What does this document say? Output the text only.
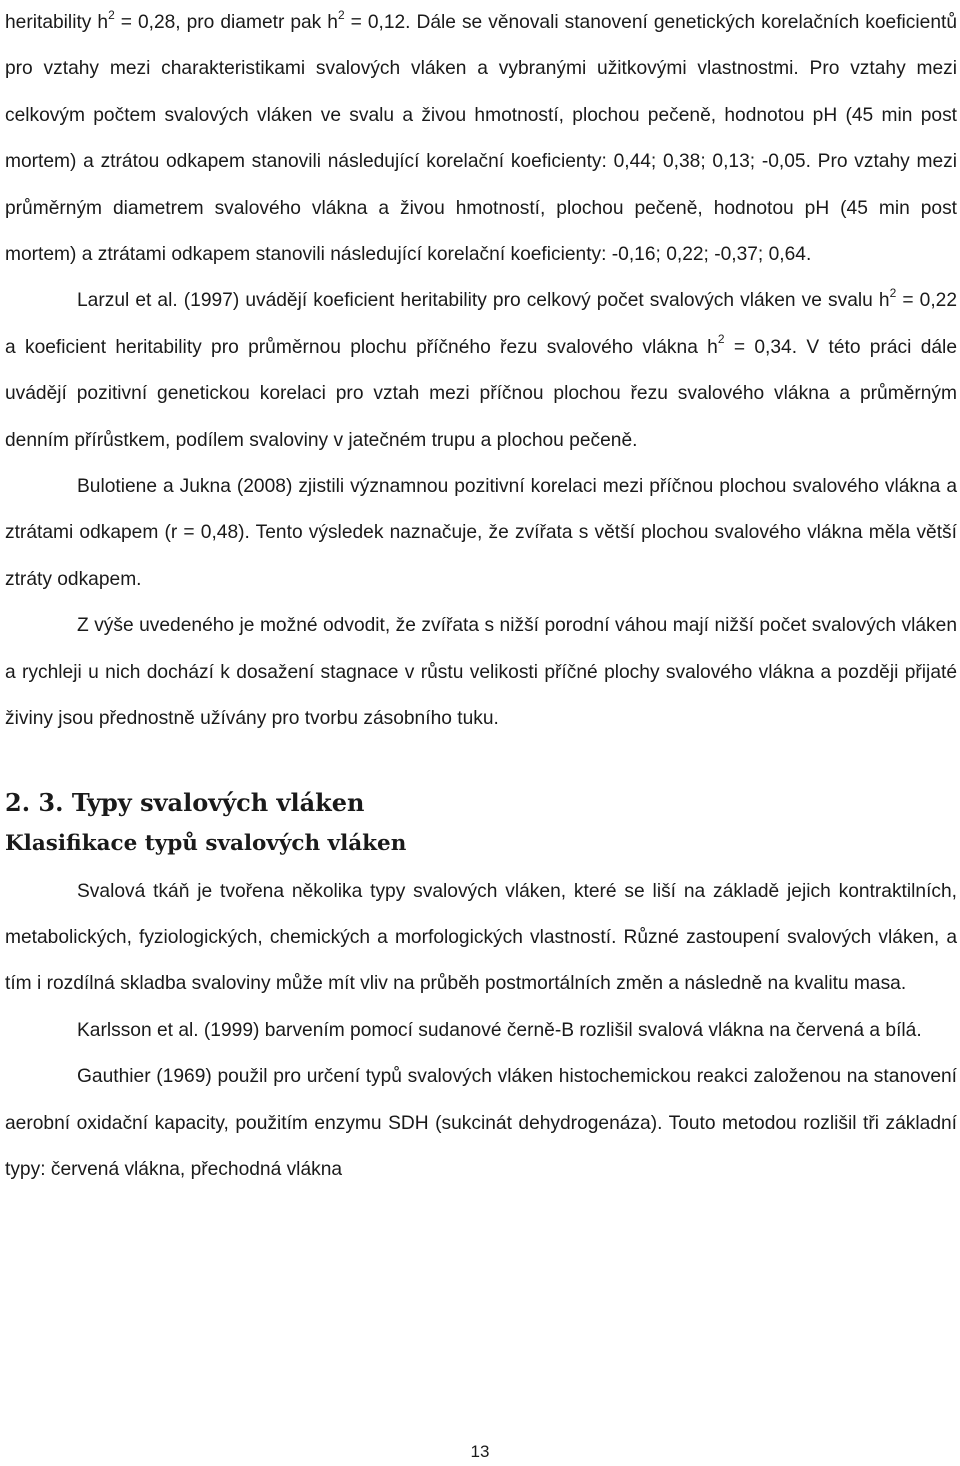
heritability $h^2 = 0,28$, pro diametr pak $h^2 = 0,12$. Dále se věnovali stanovení genetických korelačních koeficientů pro vztahy mezi charakteristikami svalových vláken a vybranými užitkovými vlastnostmi. Pro vztahy mezi celkovým počtem svalových vláken ve svalu a živou hmotností, plochou pečeně, hodnotou pH (45 min post mortem) a ztrátou odkapem stanovili následující korelační koeficienty: 0,44; 0,38; 0,13; -0,05. Pro vztahy mezi průměrným diametrem svalového vlákna a živou hmotností, plochou pečeně, hodnotou pH (45 min post mortem) a ztrátami odkapem stanovili následující korelační koeficienty: -0,16; 0,22; -0,37; 0,64.

Larzul et al. (1997) uvádějí koeficient heritability pro celkový počet svalových vláken ve svalu $h^2 = 0,22$ a koeficient heritability pro průměrnou plochu příčného řezu svalového vlákna $h^2 = 0,34$. V této práci dále uvádějí pozitivní genetickou korelaci pro vztah mezi příčnou plochou řezu svalového vlákna a průměrným denním přírůstkem, podílem svaloviny v jatečném trupu a plochou pečeně.

Bulotiene a Jukna (2008) zjistili významnou pozitivní korelaci mezi příčnou plochou svalového vlákna a ztrátami odkapem (r = 0,48). Tento výsledek naznačuje, že zvířata s větší plochou svalového vlákna měla větší ztráty odkapem.

Z výše uvedeného je možné odvodit, že zvířata s nižší porodní váhou mají nižší počet svalových vláken a rychleji u nich dochází k dosažení stagnace v růstu velikosti příčné plochy svalového vlákna a později přijaté živiny jsou přednostně užívány pro tvorbu zásobního tuku.

2. 3. Typy svalových vláken
Klasifikace typů svalových vláken

Svalová tkáň je tvořena několika typy svalových vláken, které se liší na základě jejich kontraktilních, metabolických, fyziologických, chemických a morfologických vlastností. Různé zastoupení svalových vláken, a tím i rozdílná skladba svaloviny může mít vliv na průběh postmortálních změn a následně na kvalitu masa.

Karlsson et al. (1999) barvením pomocí sudanové černě-B rozlišil svalová vlákna na červená a bílá.

Gauthier (1969) použil pro určení typů svalových vláken histochemickou reakci založenou na stanovení aerobní oxidační kapacity, použitím enzymu SDH (sukcinát dehydrogenáza). Touto metodou rozlišil tři základní typy: červená vlákna, přechodná vlákna

13
